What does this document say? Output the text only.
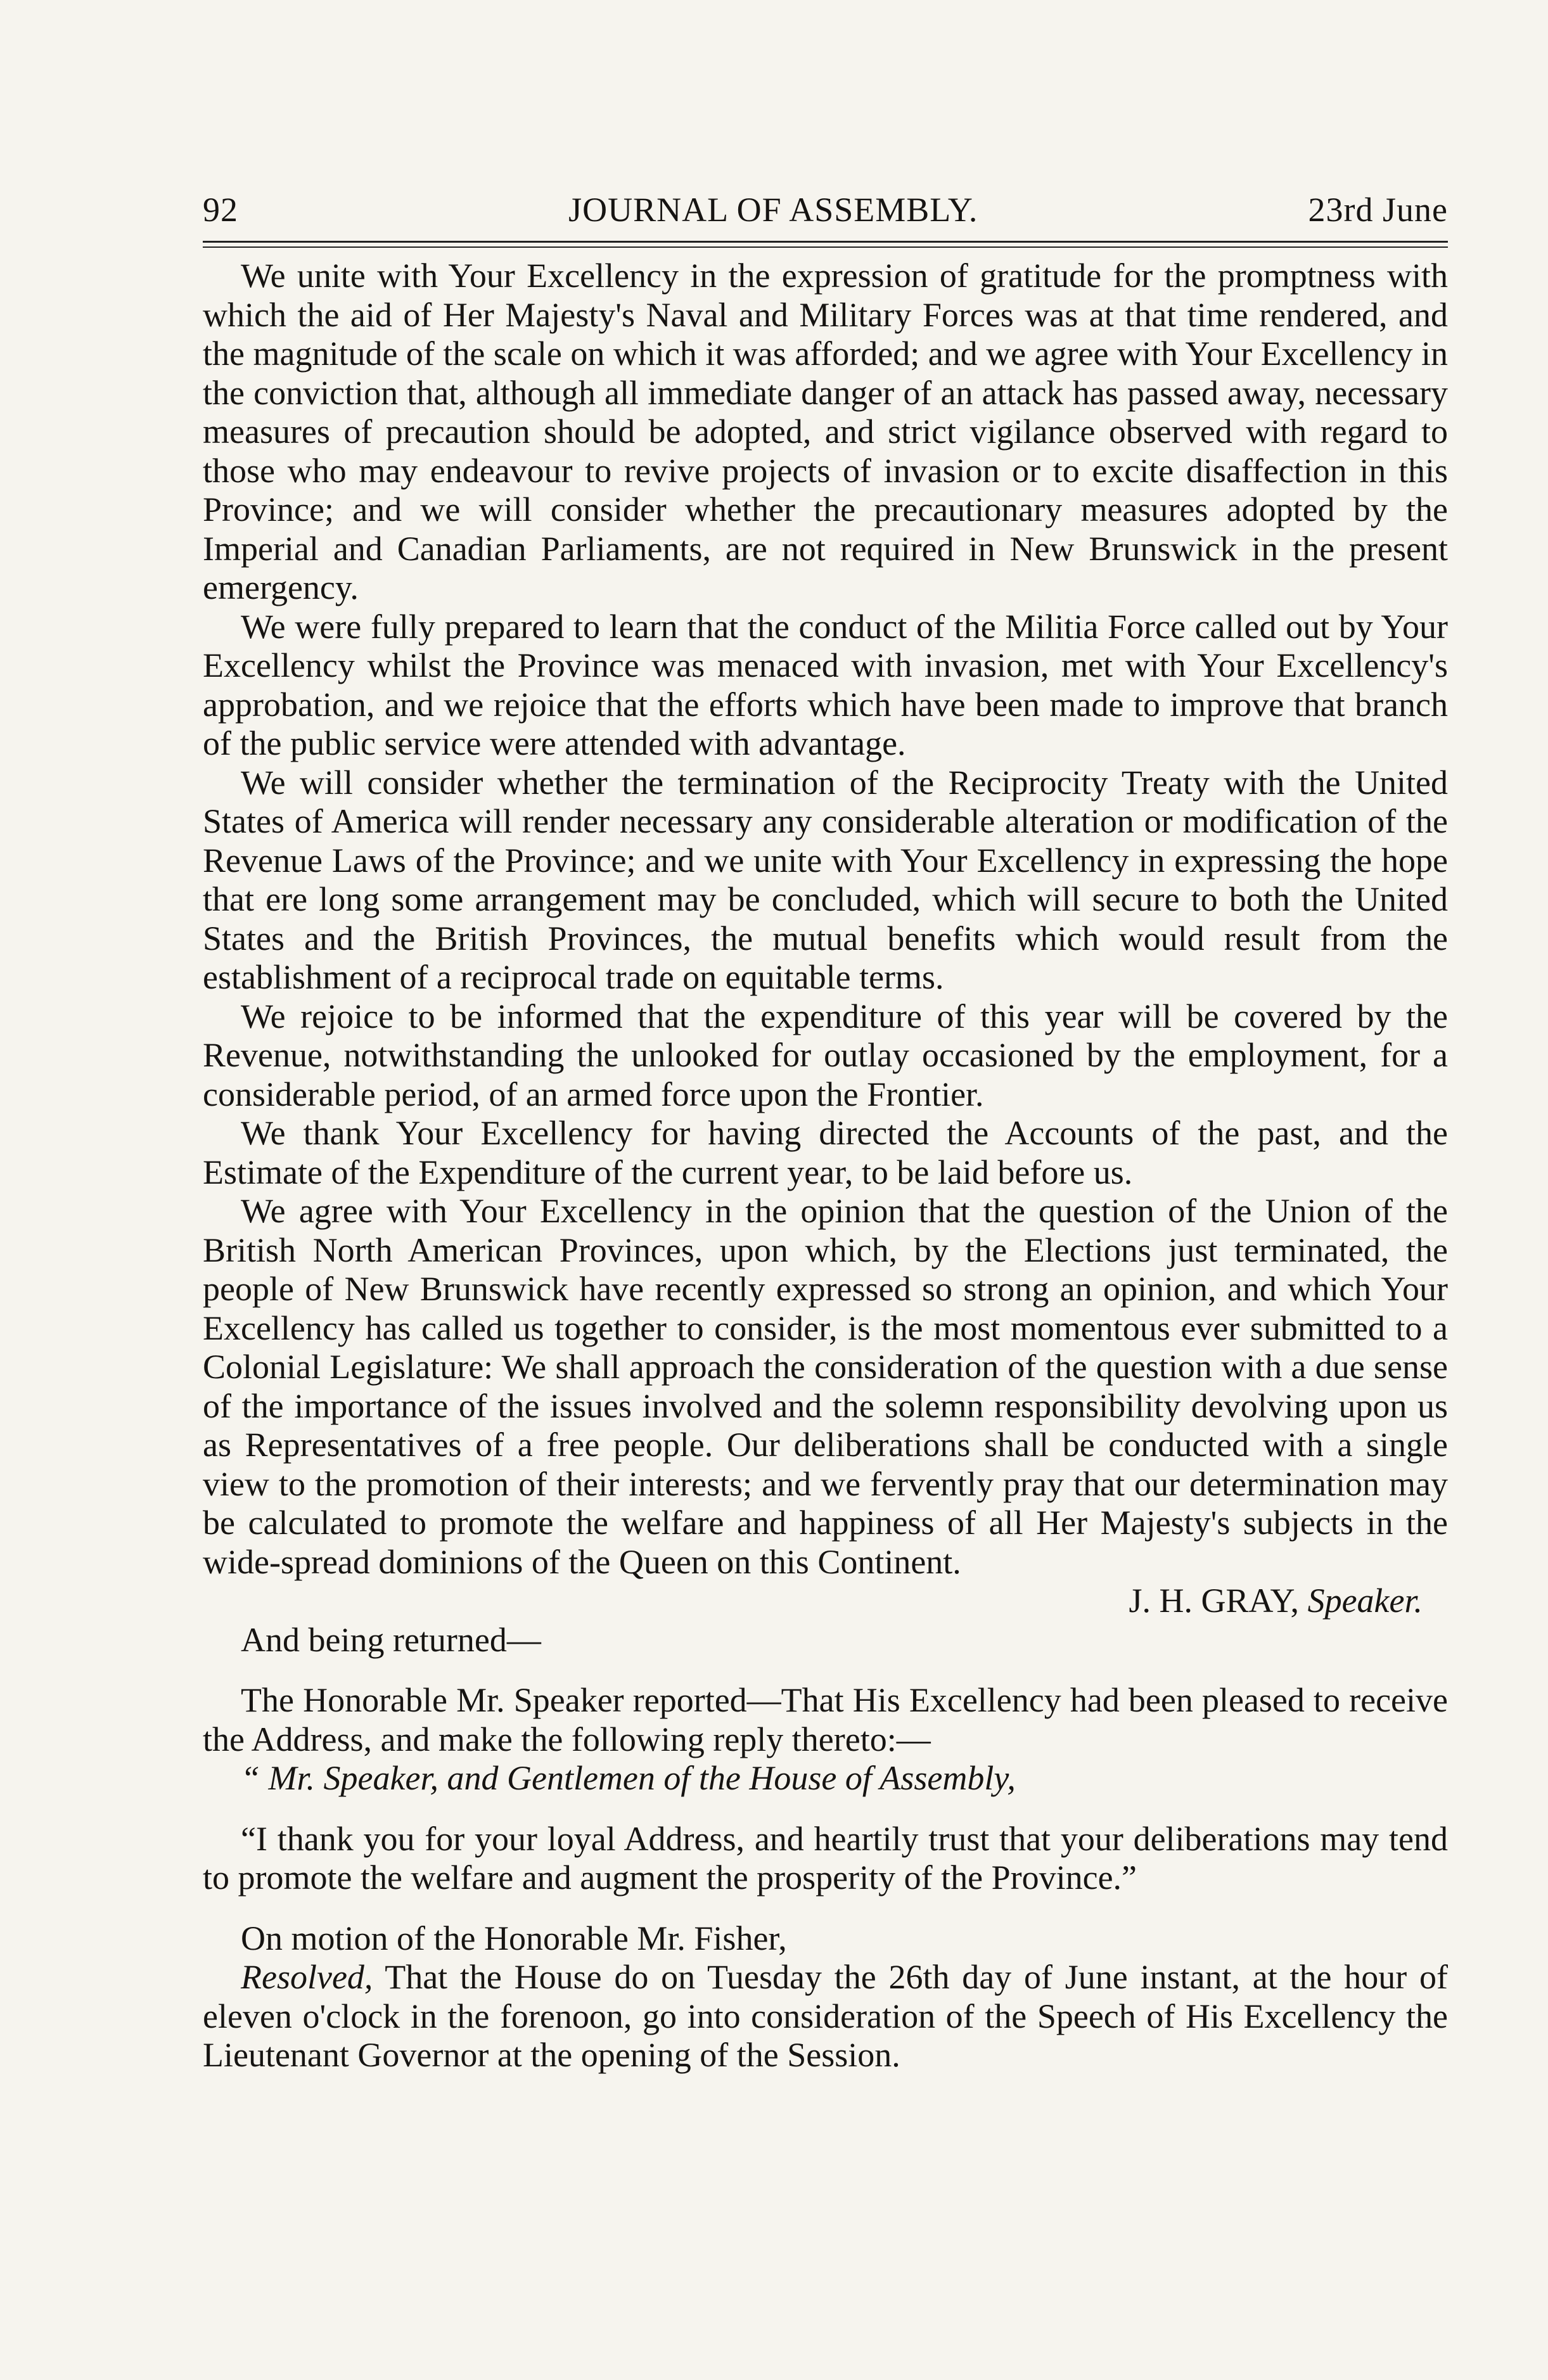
92	JOURNAL OF ASSEMBLY.	23rd June

We unite with Your Excellency in the expression of gratitude for the promptness with which the aid of Her Majesty's Naval and Military Forces was at that time rendered, and the magnitude of the scale on which it was afforded; and we agree with Your Excellency in the conviction that, although all immediate danger of an attack has passed away, necessary measures of precaution should be adopted, and strict vigilance observed with regard to those who may endeavour to revive projects of invasion or to excite disaffection in this Province; and we will consider whether the precautionary measures adopted by the Imperial and Canadian Parliaments, are not required in New Brunswick in the present emergency.

We were fully prepared to learn that the conduct of the Militia Force called out by Your Excellency whilst the Province was menaced with invasion, met with Your Excellency's approbation, and we rejoice that the efforts which have been made to improve that branch of the public service were attended with advantage.

We will consider whether the termination of the Reciprocity Treaty with the United States of America will render necessary any considerable alteration or modification of the Revenue Laws of the Province; and we unite with Your Excellency in expressing the hope that ere long some arrangement may be concluded, which will secure to both the United States and the British Provinces, the mutual benefits which would result from the establishment of a reciprocal trade on equitable terms.

We rejoice to be informed that the expenditure of this year will be covered by the Revenue, notwithstanding the unlooked for outlay occasioned by the employment, for a considerable period, of an armed force upon the Frontier.

We thank Your Excellency for having directed the Accounts of the past, and the Estimate of the Expenditure of the current year, to be laid before us.

We agree with Your Excellency in the opinion that the question of the Union of the British North American Provinces, upon which, by the Elections just terminated, the people of New Brunswick have recently expressed so strong an opinion, and which Your Excellency has called us together to consider, is the most momentous ever submitted to a Colonial Legislature: We shall approach the consideration of the question with a due sense of the importance of the issues involved and the solemn responsibility devolving upon us as Representatives of a free people. Our deliberations shall be conducted with a single view to the promotion of their interests; and we fervently pray that our determination may be calculated to promote the welfare and happiness of all Her Majesty's subjects in the wide-spread dominions of the Queen on this Continent.

J. H. GRAY, Speaker.

And being returned—

The Honorable Mr. Speaker reported—That His Excellency had been pleased to receive the Address, and make the following reply thereto:—

“ Mr. Speaker, and Gentlemen of the House of Assembly,

“I thank you for your loyal Address, and heartily trust that your deliberations may tend to promote the welfare and augment the prosperity of the Province.”

On motion of the Honorable Mr. Fisher,

Resolved, That the House do on Tuesday the 26th day of June instant, at the hour of eleven o'clock in the forenoon, go into consideration of the Speech of His Excellency the Lieutenant Governor at the opening of the Session.
